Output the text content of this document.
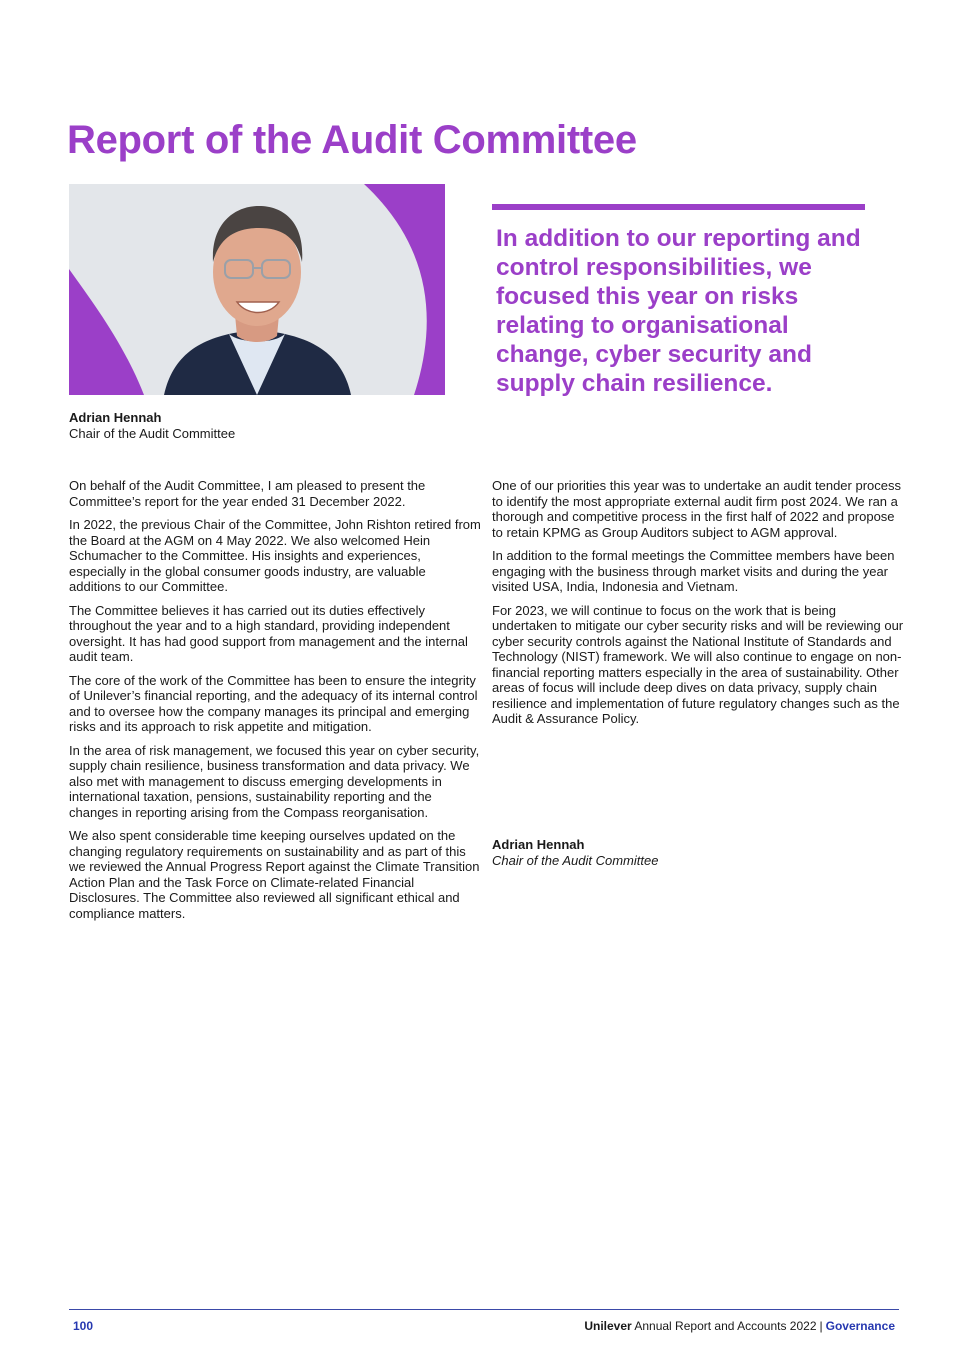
Report of the Audit Committee
Adrian Hennah
Chair of the Audit Committee

In addition to our reporting and control responsibilities, we focused this year on risks relating to organisational change, cyber security and supply chain resilience.

On behalf of the Audit Committee, I am pleased to present the Committee’s report for the year ended 31 December 2022.

In 2022, the previous Chair of the Committee, John Rishton retired from the Board at the AGM on 4 May 2022. We also welcomed Hein Schumacher to the Committee. His insights and experiences, especially in the global consumer goods industry, are valuable additions to our Committee.

The Committee believes it has carried out its duties effectively throughout the year and to a high standard, providing independent oversight. It has had good support from management and the internal audit team.

The core of the work of the Committee has been to ensure the integrity of Unilever’s financial reporting, and the adequacy of its internal control and to oversee how the company manages its principal and emerging risks and its approach to risk appetite and mitigation.

In the area of risk management, we focused this year on cyber security, supply chain resilience, business transformation and data privacy. We also met with management to discuss emerging developments in international taxation, pensions, sustainability reporting and the changes in reporting arising from the Compass reorganisation.

We also spent considerable time keeping ourselves updated on the changing regulatory requirements on sustainability and as part of this we reviewed the Annual Progress Report against the Climate Transition Action Plan and the Task Force on Climate-related Financial Disclosures. The Committee also reviewed all significant ethical and compliance matters.

One of our priorities this year was to undertake an audit tender process to identify the most appropriate external audit firm post 2024. We ran a thorough and competitive process in the first half of 2022 and propose to retain KPMG as Group Auditors subject to AGM approval.

In addition to the formal meetings the Committee members have been engaging with the business through market visits and during the year visited USA, India, Indonesia and Vietnam.

For 2023, we will continue to focus on the work that is being undertaken to mitigate our cyber security risks and will be reviewing our cyber security controls against the National Institute of Standards and Technology (NIST) framework. We will also continue to engage on non-financial reporting matters especially in the area of sustainability. Other areas of focus will include deep dives on data privacy, supply chain resilience and implementation of future regulatory changes such as the Audit & Assurance Policy.

Adrian Hennah
Chair of the Audit Committee
100	Unilever Annual Report and Accounts 2022 | Governance
